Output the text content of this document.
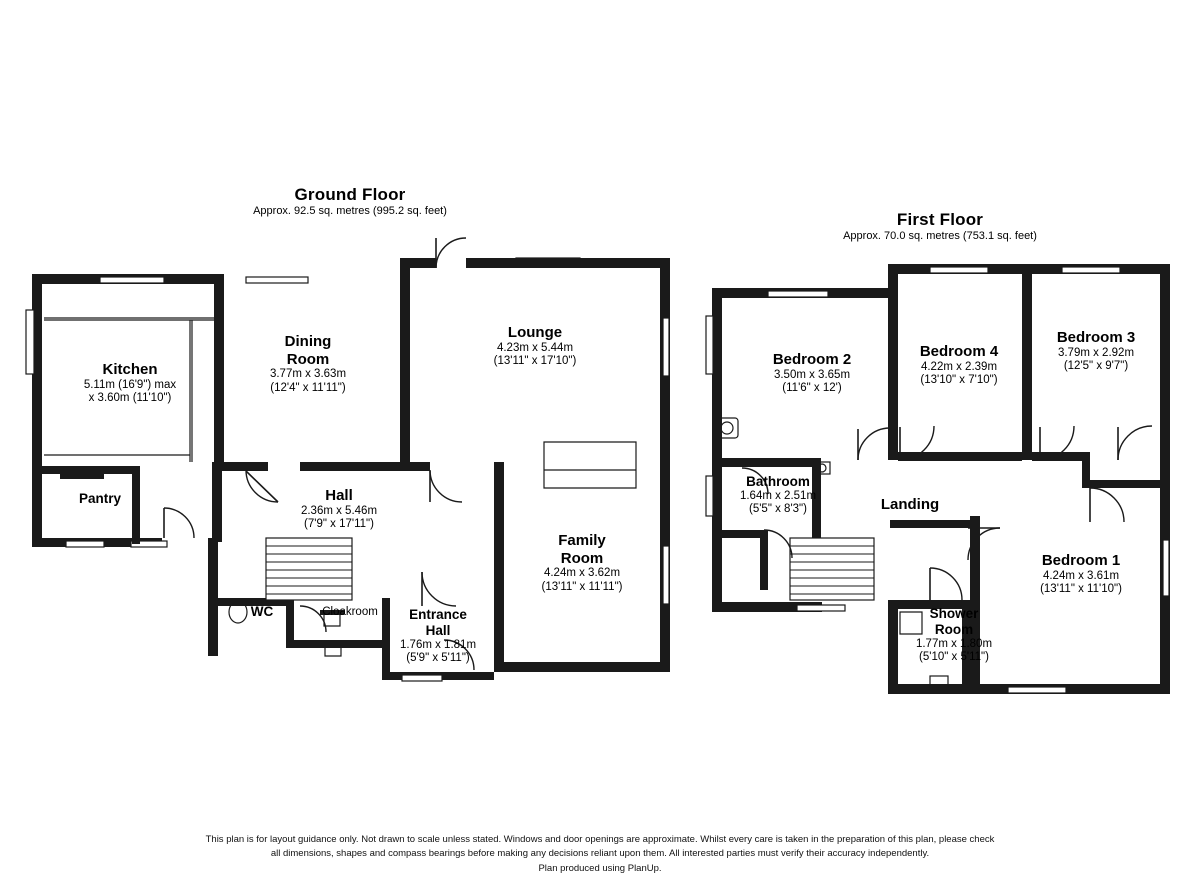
Ground Floor
Approx. 92.5 sq. metres (995.2 sq. feet)
Kitchen
5.11m (16'9") max
x 3.60m (11'10")
Pantry
Dining
Room
3.77m x 3.63m
(12'4" x 11'11")
Lounge
4.23m x 5.44m
(13'11" x 17'10")
Hall
2.36m x 5.46m
(7'9" x 17'11")
Family
Room
4.24m x 3.62m
(13'11" x 11'11")
WC	Cloakroom	Entrance
Hall
1.76m x 1.81m
(5'9" x 5'11")
First Floor
Approx. 70.0 sq. metres (753.1 sq. feet)
Bedroom 2
3.50m x 3.65m
(11'6" x 12')
Bedroom 4
4.22m x 2.39m
(13'10" x 7'10")
Bedroom 3
3.79m x 2.92m
(12'5" x 9'7")
Bathroom
1.64m x 2.51m
(5'5" x 8'3")	Landing
Shower
Room
1.77m x 1.80m
(5'10" x 5'11")
Bedroom 1
4.24m x 3.61m
(13'11" x 11'10")
This plan is for layout guidance only. Not drawn to scale unless stated. Windows and door openings are approximate. Whilst every care is taken in the preparation of this plan, please check
all dimensions, shapes and compass bearings before making any decisions reliant upon them. All interested parties must verify their accuracy independently.
Plan produced using PlanUp.
